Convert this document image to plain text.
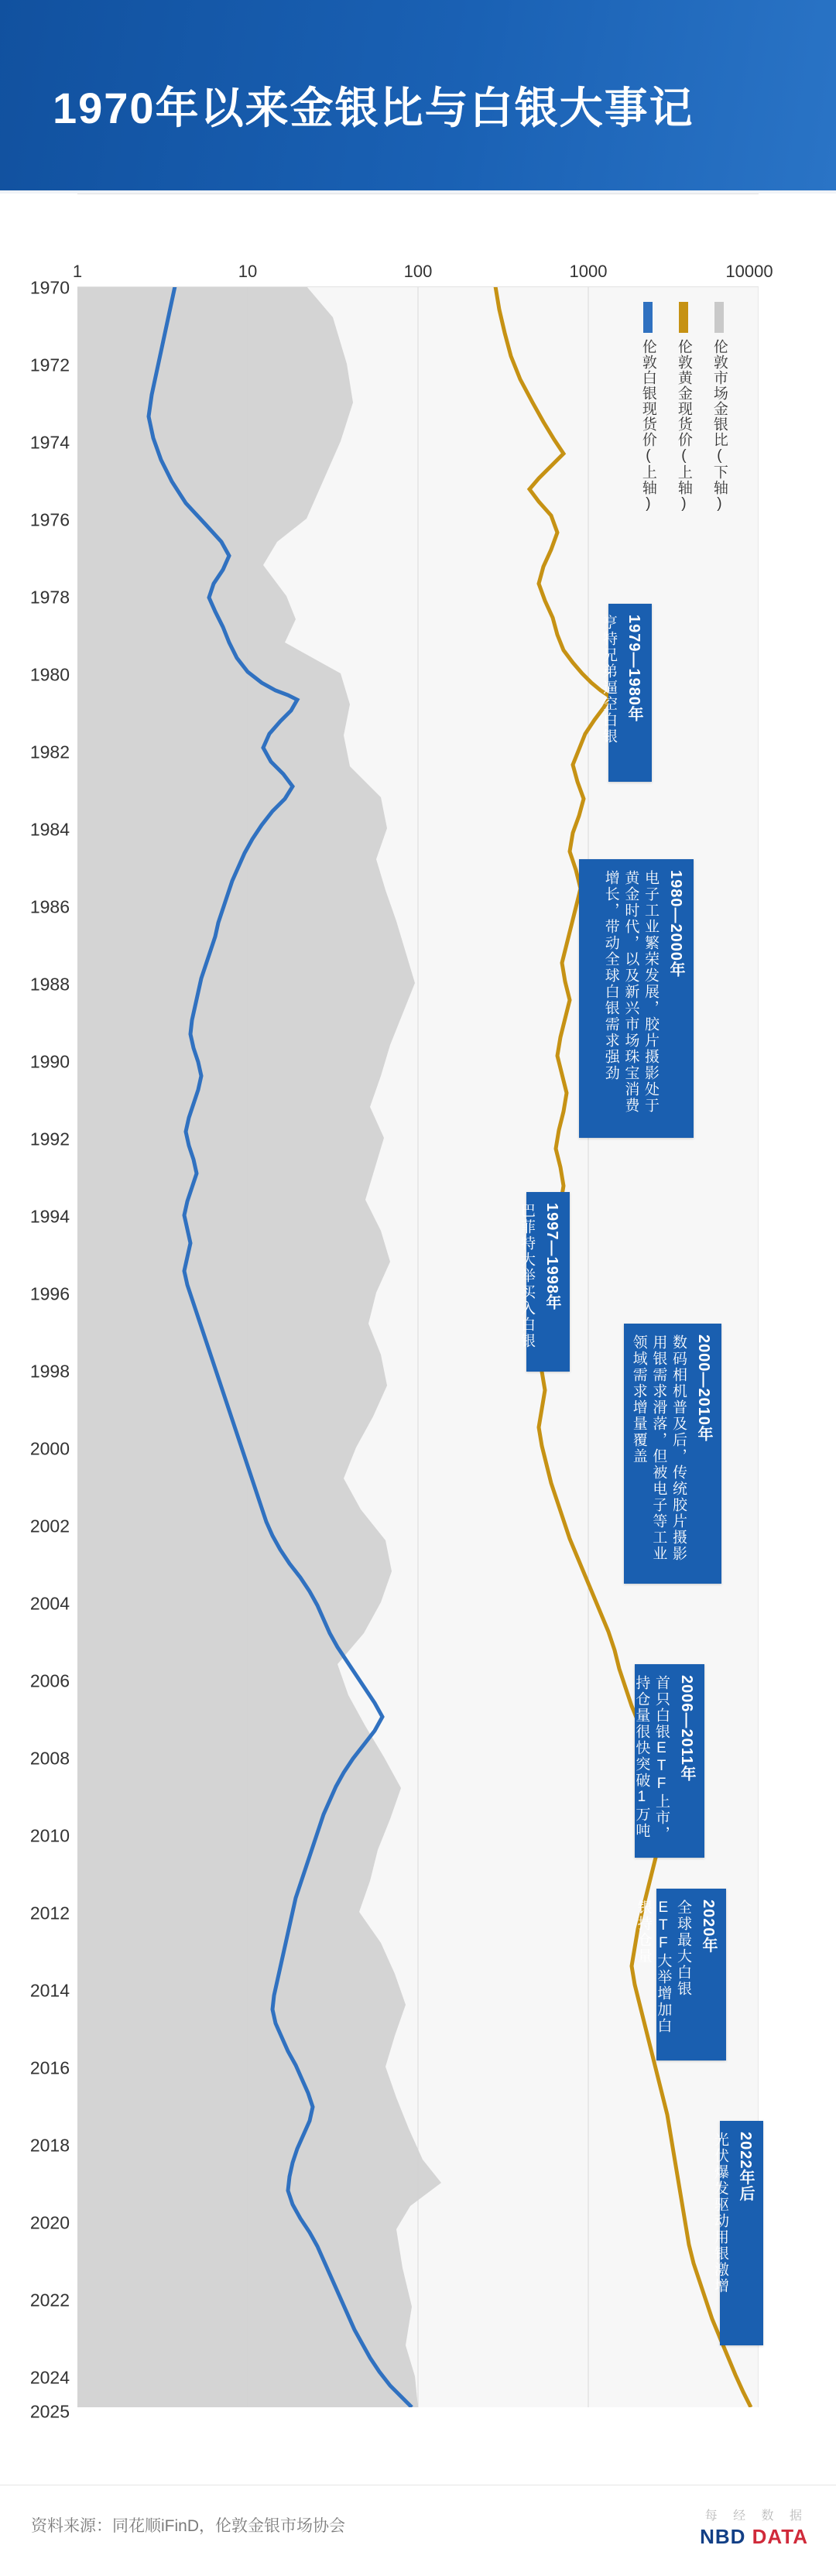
1970年以来金银比与白银大事记
1	10	100	1000	10000
1970
1972
1974
1976
1978
1980
1982
1984
1986
1988
1990
1992
1994
1996
1998
2000
2002
2004
2006
2008
2010
2012
2014
2016
2018
2020
2022
2024
2025
伦敦市场金银比(下轴)
伦敦黄金现货价(上轴)
伦敦白银现货价(上轴)
1979—1980年
亨特兄弟逼空白银
1980—2000年
电子工业繁荣发展，胶片摄影处于黄金时代，以及新兴市场珠宝消费增长，带动全球白银需求强劲
1997—1998年
巴菲特大举买入白银
2000—2010年
数码相机普及后，传统胶片摄影用银需求滑落，但被电子等工业领域需求增量覆盖
2006—2011年
首只白银ETF上市，持仓量很快突破1万吨
2020年
全球最大白银ETF大举增加白银持仓量
2022年后
光伏爆发驱动用银激增
资料来源：同花顺iFinD，伦敦金银市场协会
每 经 数 据
NBD DATA
